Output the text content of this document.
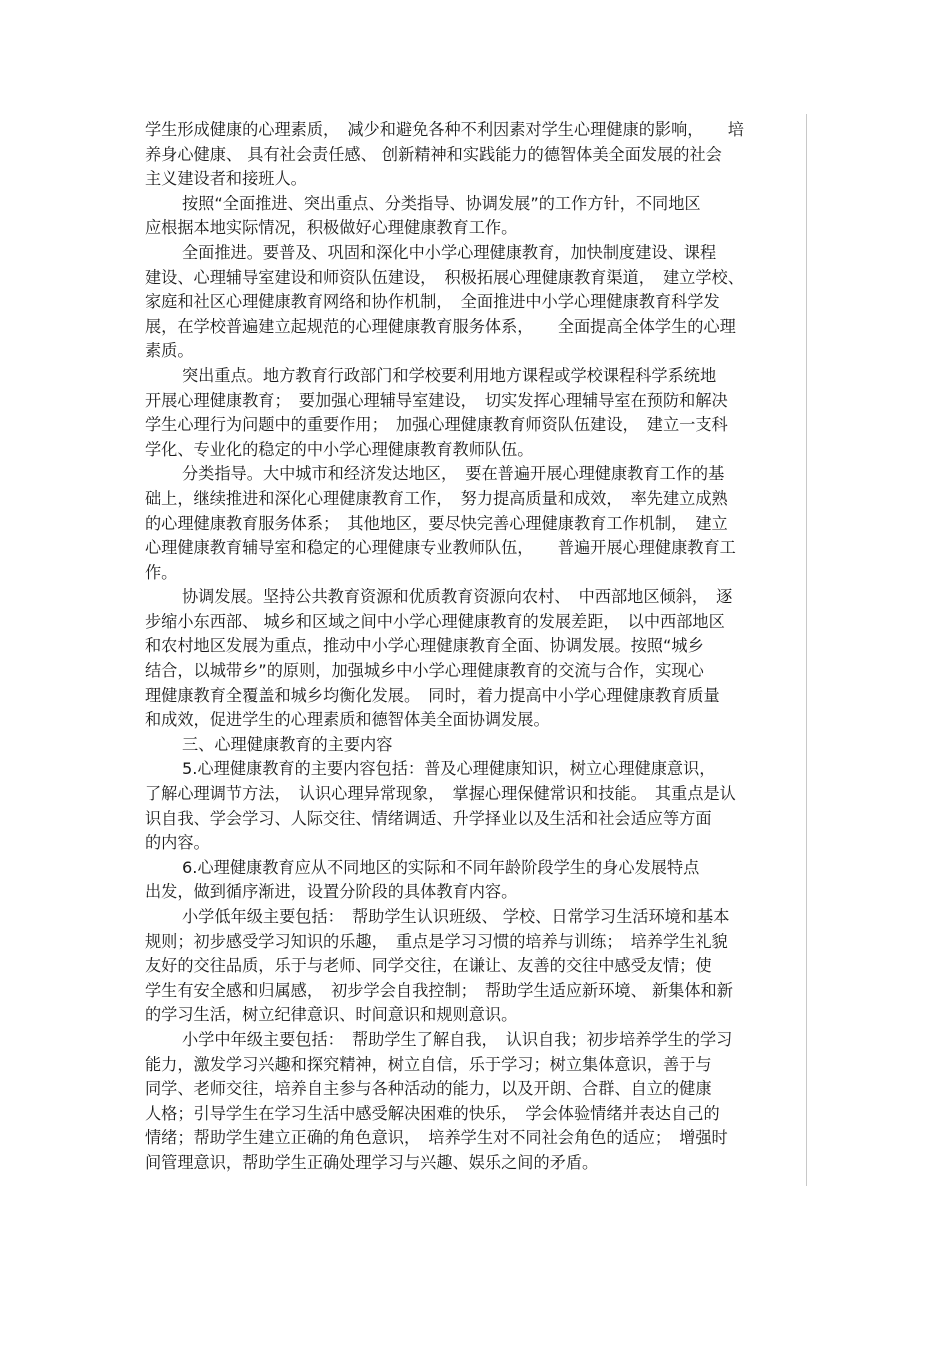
学生形成健康的心理素质，　减少和避免各种不利因素对学生心理健康的影响，　　培
养身心健康、 具有社会责任感、 创新精神和实践能力的德智体美全面发展的社会
主义建设者和接班人。
按照“全面推进、突出重点、分类指导、协调发展”的工作方针，不同地区
应根据本地实际情况，积极做好心理健康教育工作。
全面推进。要普及、巩固和深化中小学心理健康教育，加快制度建设、课程
建设、心理辅导室建设和师资队伍建设，　积极拓展心理健康教育渠道，　建立学校、
家庭和社区心理健康教育网络和协作机制，　全面推进中小学心理健康教育科学发
展，在学校普遍建立起规范的心理健康教育服务体系，　　全面提高全体学生的心理
素质。
突出重点。地方教育行政部门和学校要利用地方课程或学校课程科学系统地
开展心理健康教育；　要加强心理辅导室建设，　切实发挥心理辅导室在预防和解决
学生心理行为问题中的重要作用；　加强心理健康教育师资队伍建设，　建立一支科
学化、专业化的稳定的中小学心理健康教育教师队伍。
分类指导。大中城市和经济发达地区，　要在普遍开展心理健康教育工作的基
础上，继续推进和深化心理健康教育工作，　努力提高质量和成效，　率先建立成熟
的心理健康教育服务体系；　其他地区，要尽快完善心理健康教育工作机制，　建立
心理健康教育辅导室和稳定的心理健康专业教师队伍，　　普遍开展心理健康教育工
作。
协调发展。坚持公共教育资源和优质教育资源向农村、　中西部地区倾斜，　逐
步缩小东西部、 城乡和区域之间中小学心理健康教育的发展差距，　以中西部地区
和农村地区发展为重点，推动中小学心理健康教育全面、协调发展。按照“城乡
结合，以城带乡”的原则，加强城乡中小学心理健康教育的交流与合作，实现心
理健康教育全覆盖和城乡均衡化发展。　同时，着力提高中小学心理健康教育质量
和成效，促进学生的心理素质和德智体美全面协调发展。
三、心理健康教育的主要内容
5.心理健康教育的主要内容包括：普及心理健康知识，树立心理健康意识，
了解心理调节方法，　认识心理异常现象，　掌握心理保健常识和技能。　其重点是认
识自我、学会学习、人际交往、情绪调适、升学择业以及生活和社会适应等方面
的内容。
6.心理健康教育应从不同地区的实际和不同年龄阶段学生的身心发展特点
出发，做到循序渐进，设置分阶段的具体教育内容。
小学低年级主要包括：　帮助学生认识班级、 学校、日常学习生活环境和基本
规则；初步感受学习知识的乐趣，　重点是学习习惯的培养与训练；　培养学生礼貌
友好的交往品质，乐于与老师、同学交往，在谦让、友善的交往中感受友情；使
学生有安全感和归属感，　初步学会自我控制；　帮助学生适应新环境、 新集体和新
的学习生活，树立纪律意识、时间意识和规则意识。
小学中年级主要包括：　帮助学生了解自我，　认识自我；初步培养学生的学习
能力，激发学习兴趣和探究精神，树立自信，乐于学习；树立集体意识，善于与
同学、老师交往，培养自主参与各种活动的能力，以及开朗、合群、自立的健康
人格；引导学生在学习生活中感受解决困难的快乐，　学会体验情绪并表达自己的
情绪；帮助学生建立正确的角色意识，　培养学生对不同社会角色的适应；　增强时
间管理意识，帮助学生正确处理学习与兴趣、娱乐之间的矛盾。
